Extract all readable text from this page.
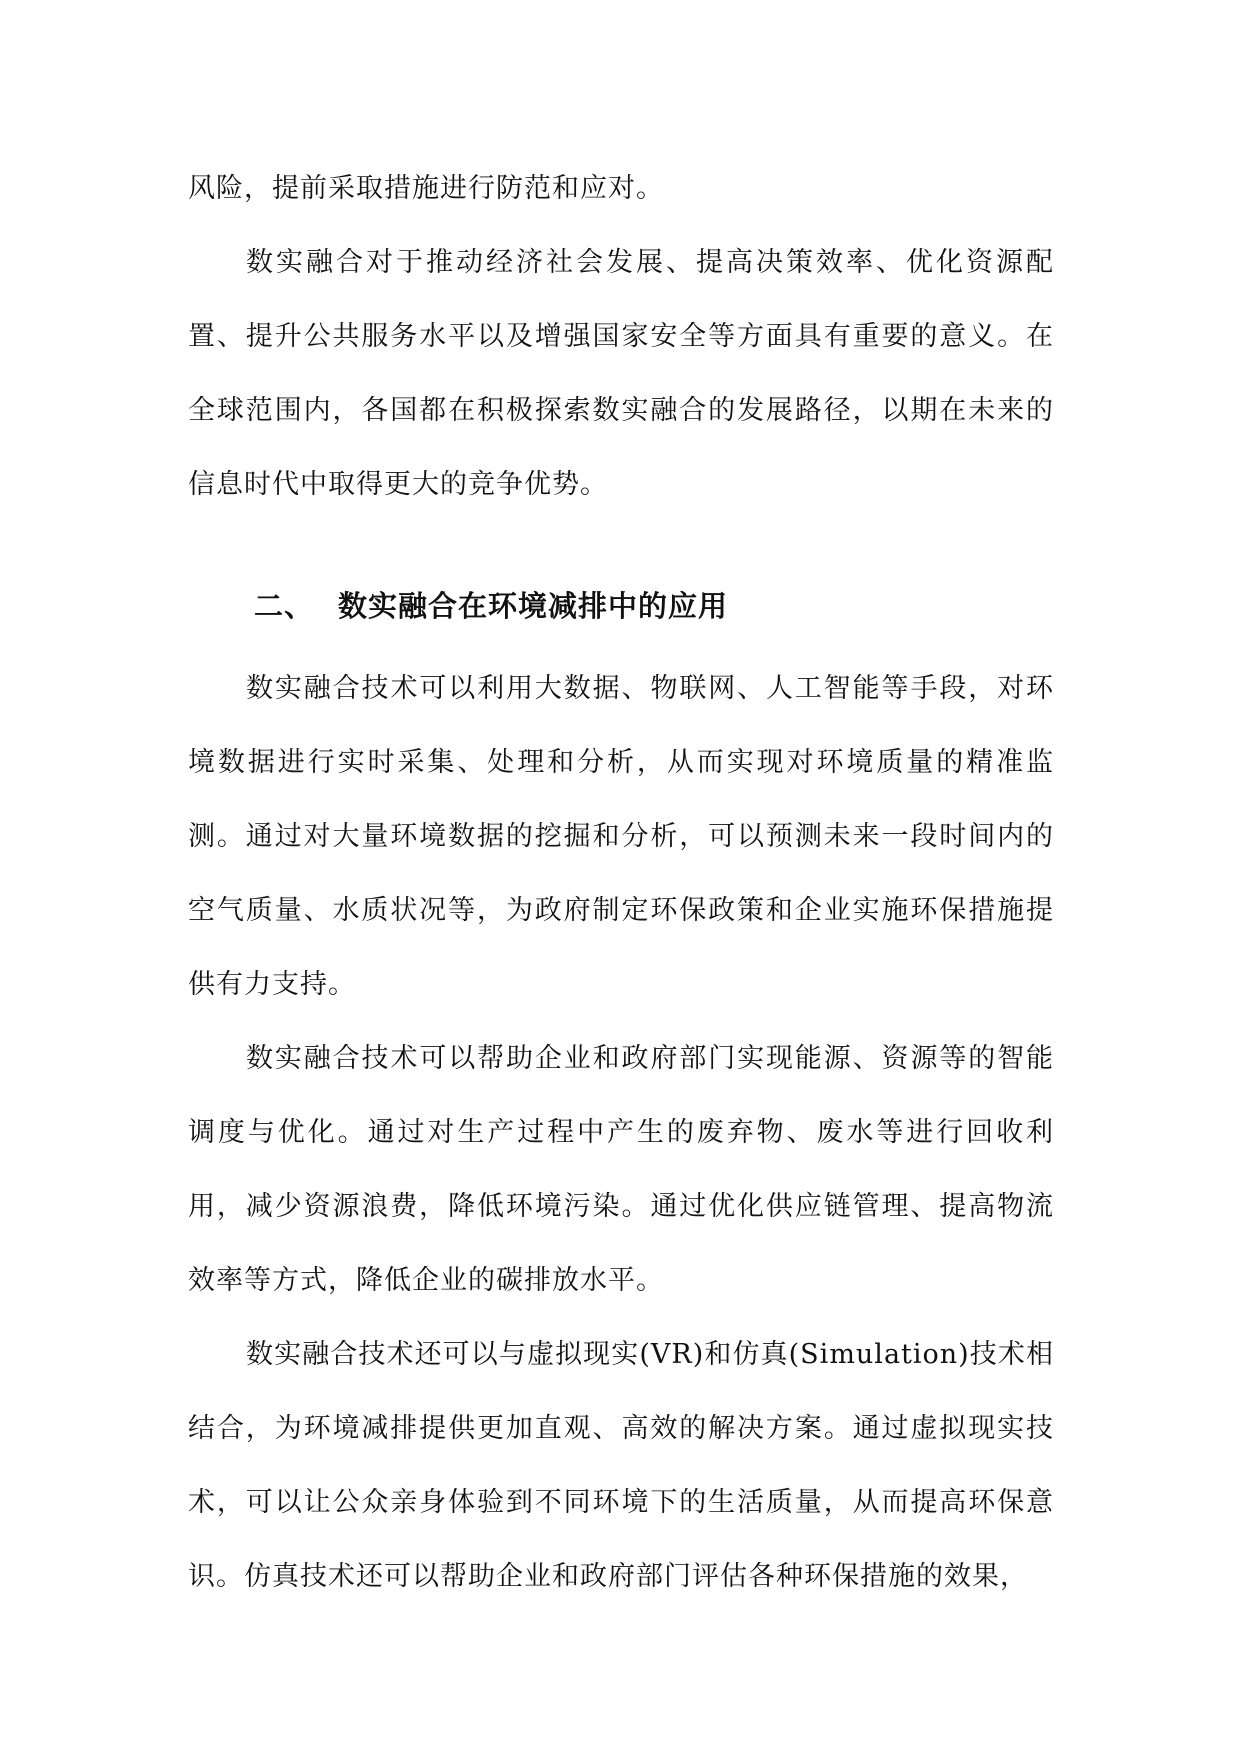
风险，提前采取措施进行防范和应对。

数实融合对于推动经济社会发展、提高决策效率、优化资源配置、提升公共服务水平以及增强国家安全等方面具有重要的意义。在全球范围内，各国都在积极探索数实融合的发展路径，以期在未来的信息时代中取得更大的竞争优势。

二、 数实融合在环境减排中的应用

数实融合技术可以利用大数据、物联网、人工智能等手段，对环境数据进行实时采集、处理和分析，从而实现对环境质量的精准监测。通过对大量环境数据的挖掘和分析，可以预测未来一段时间内的空气质量、水质状况等，为政府制定环保政策和企业实施环保措施提供有力支持。

数实融合技术可以帮助企业和政府部门实现能源、资源等的智能调度与优化。通过对生产过程中产生的废弃物、废水等进行回收利用，减少资源浪费，降低环境污染。通过优化供应链管理、提高物流效率等方式，降低企业的碳排放水平。

数实融合技术还可以与虚拟现实(VR)和仿真(Simulation)技术相结合，为环境减排提供更加直观、高效的解决方案。通过虚拟现实技术，可以让公众亲身体验到不同环境下的生活质量，从而提高环保意识。仿真技术还可以帮助企业和政府部门评估各种环保措施的效果，
